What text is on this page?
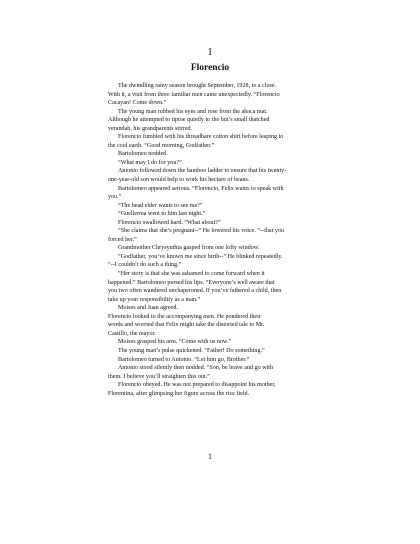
1
Florencio
The dwindling rainy season brought September, 1928, to a close.
With it, a visit from three familiar men came unexpectedly. “Florencio
Cacayan! Come down.”
The young man rubbed his eyes and rose from the abaca mat.
Although he attempted to tiptoe quietly to the hut’s small thatched
verandah, his grandparents stirred.
Florencio fumbled with his threadbare cotton shirt before leaping to
the cool earth. “Good morning, Godfather.”
Bartolomeo nodded.
“What may I do for you?”
Antonio followed down the bamboo ladder to ensure that his twenty-
one-year-old son would help to work his hectare of beans.
Bartolomeo appeared serious. “Florencio, Felix wants to speak with
you.”
“The head elder wants to see me?”
“Guellerma went to him last night.”
Florencio swallowed hard. “What about?”
“She claims that she’s pregnant--” He lowered his voice. “--that you
forced her.”
Grandmother Chrysynthia gasped from one lofty window.
“Godfather, you’ve known me since birth--” He blinked repeatedly.
“--I couldn’t do such a thing.”
“Her story is that she was ashamed to come forward when it
happened.” Bartolomeo pursed his lips. “Everyone’s well aware that
you two often wandered unchaperoned. If you’ve fathered a child, then
take up your responsibility as a man.”
Moises and Juan agreed.
Florencio looked to the accompanying men. He pondered their
words and worried that Felix might take the distorted tale to Mr.
Castillo, the mayor.
Moises grasped his arm. “Come with us now.”
The young man’s pulse quickened. “Father! Do something.”
Bartolomeo turned to Antonio. “Let him go, Brother.”
Antonio stood silently then nodded. “Son, be brave and go with
them. I believe you’ll straighten this out.”
Florencio obeyed. He was not prepared to disappoint his mother,
Florentina, after glimpsing her figure across the rice field.
1
